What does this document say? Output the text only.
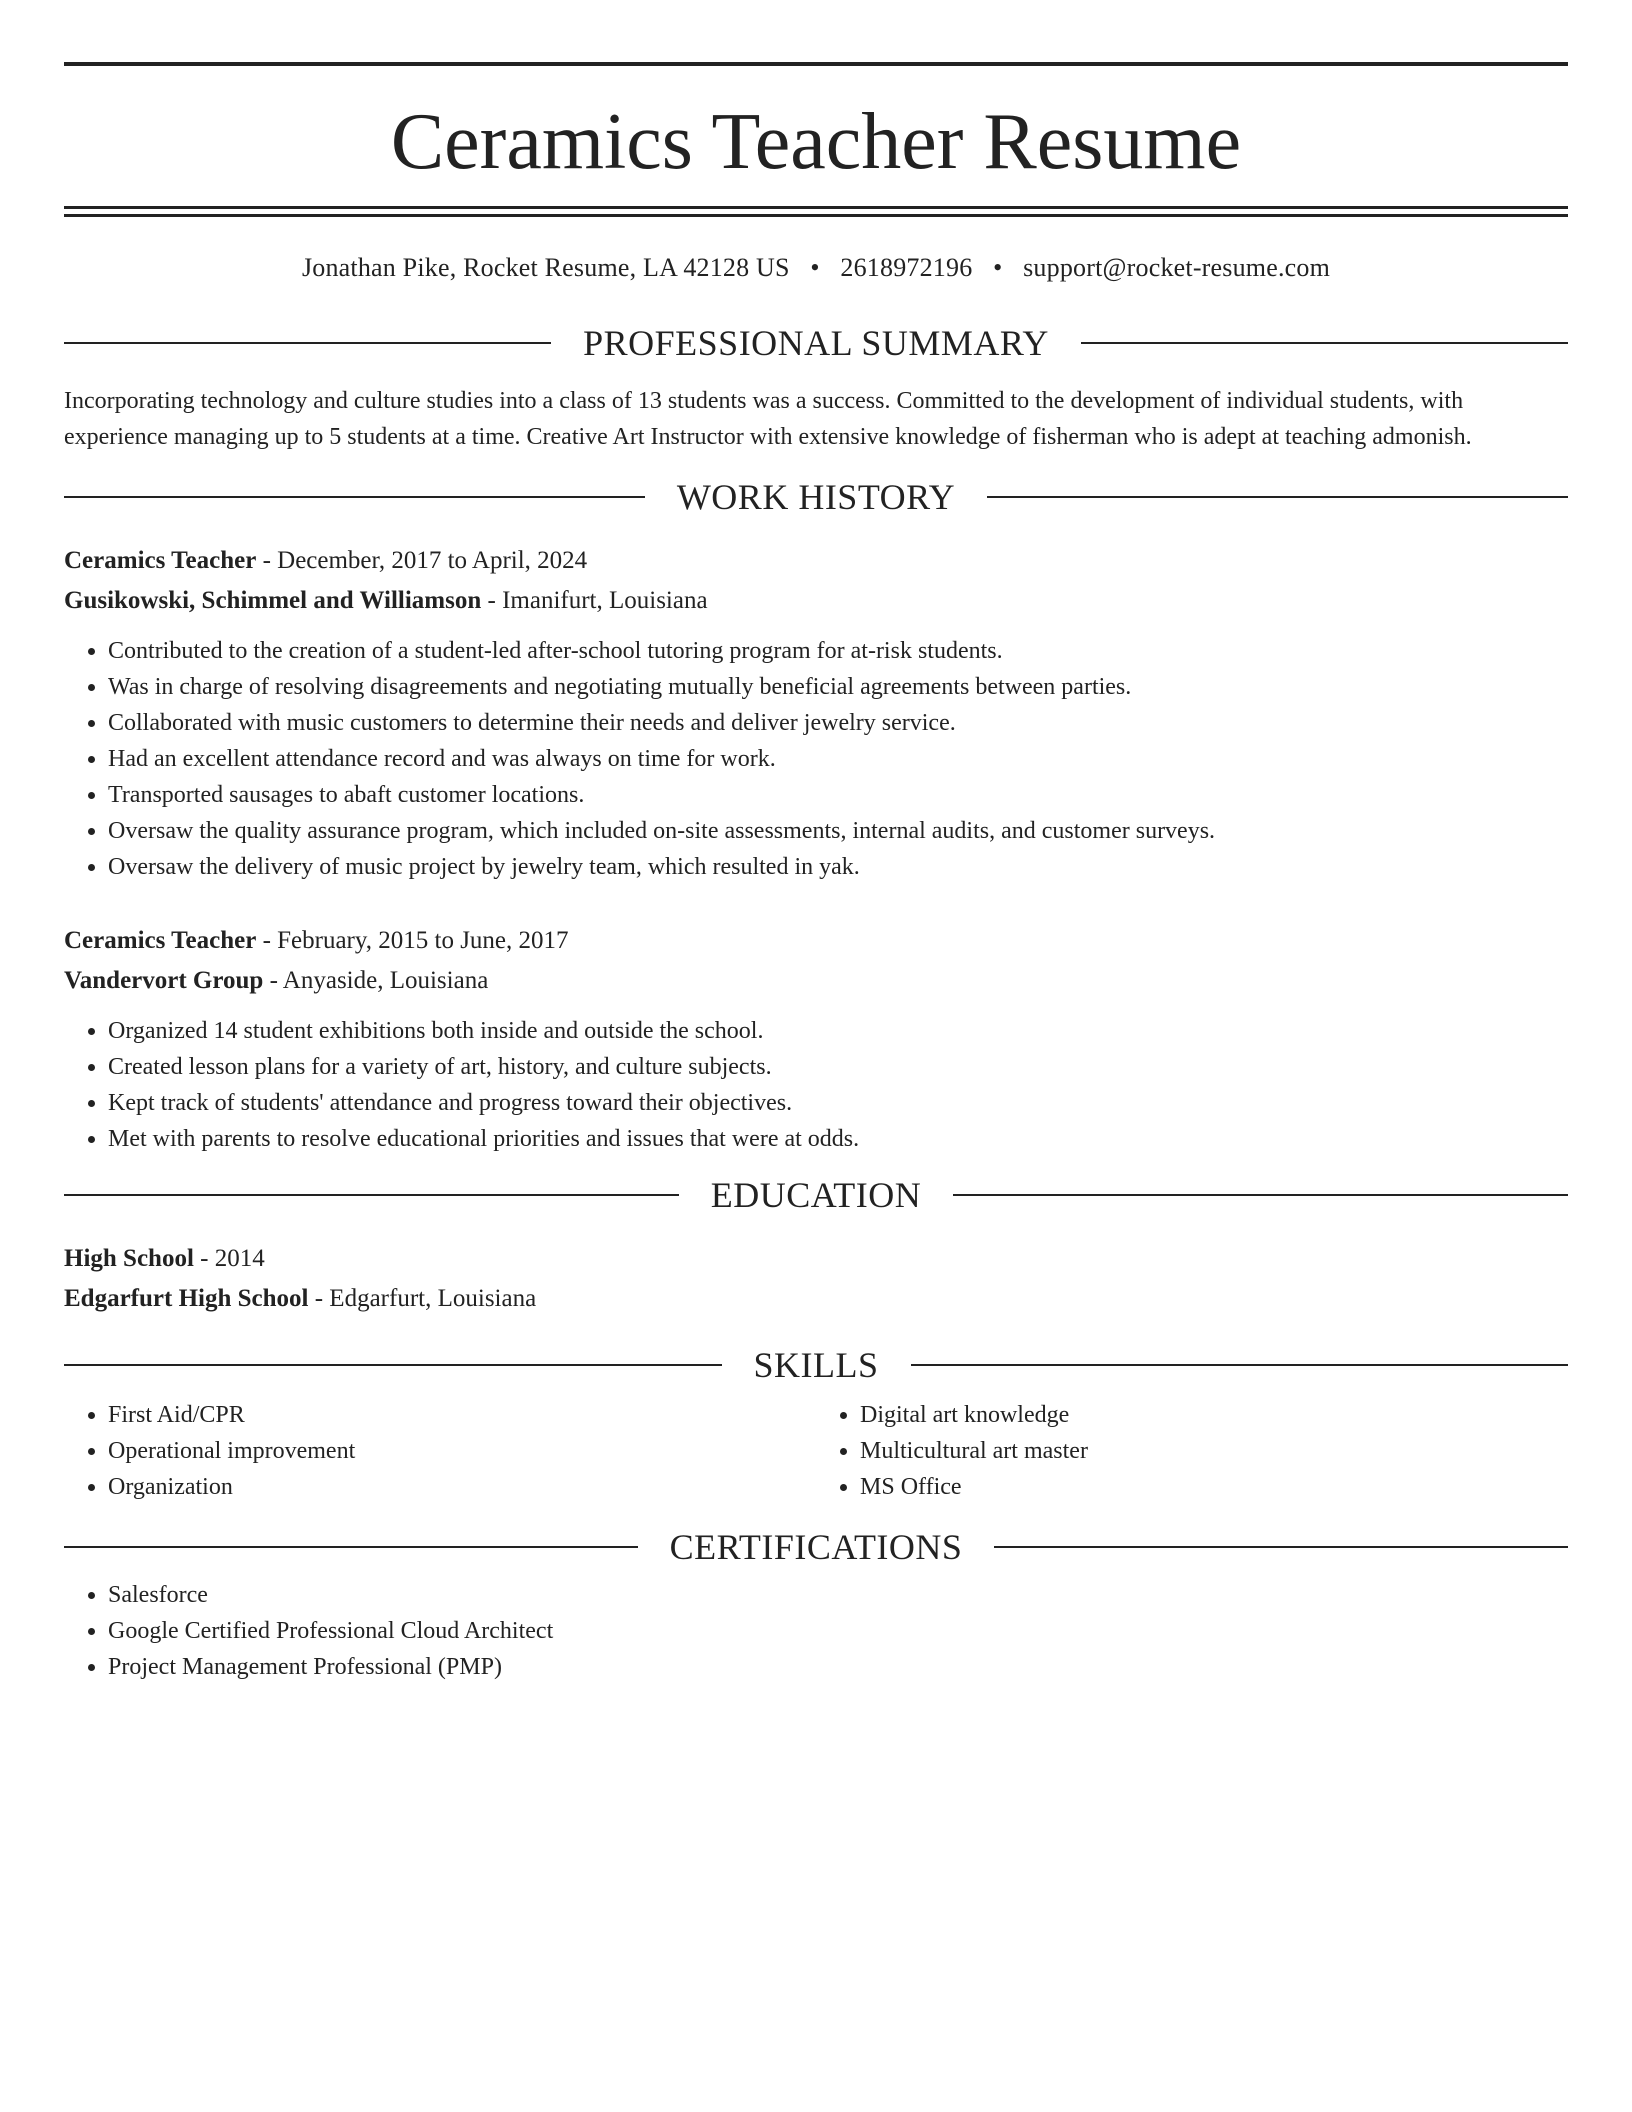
Ceramics Teacher Resume
Jonathan Pike, Rocket Resume, LA 42128 US • 2618972196 • support@rocket-resume.com
PROFESSIONAL SUMMARY

Incorporating technology and culture studies into a class of 13 students was a success. Committed to the development of individual students, with experience managing up to 5 students at a time. Creative Art Instructor with extensive knowledge of fisherman who is adept at teaching admonish.

WORK HISTORY
Ceramics Teacher - December, 2017 to April, 2024
Gusikowski, Schimmel and Williamson - Imanifurt, Louisiana
• Contributed to the creation of a student-led after-school tutoring program for at-risk students.
• Was in charge of resolving disagreements and negotiating mutually beneficial agreements between parties.
• Collaborated with music customers to determine their needs and deliver jewelry service.
• Had an excellent attendance record and was always on time for work.
• Transported sausages to abaft customer locations.
• Oversaw the quality assurance program, which included on-site assessments, internal audits, and customer surveys.
• Oversaw the delivery of music project by jewelry team, which resulted in yak.
Ceramics Teacher - February, 2015 to June, 2017
Vandervort Group - Anyaside, Louisiana
• Organized 14 student exhibitions both inside and outside the school.
• Created lesson plans for a variety of art, history, and culture subjects.
• Kept track of students' attendance and progress toward their objectives.
• Met with parents to resolve educational priorities and issues that were at odds.
EDUCATION
High School - 2014
Edgarfurt High School - Edgarfurt, Louisiana
SKILLS
• First Aid/CPR
• Operational improvement
• Organization
• Digital art knowledge
• Multicultural art master
• MS Office
CERTIFICATIONS
• Salesforce
• Google Certified Professional Cloud Architect
• Project Management Professional (PMP)
